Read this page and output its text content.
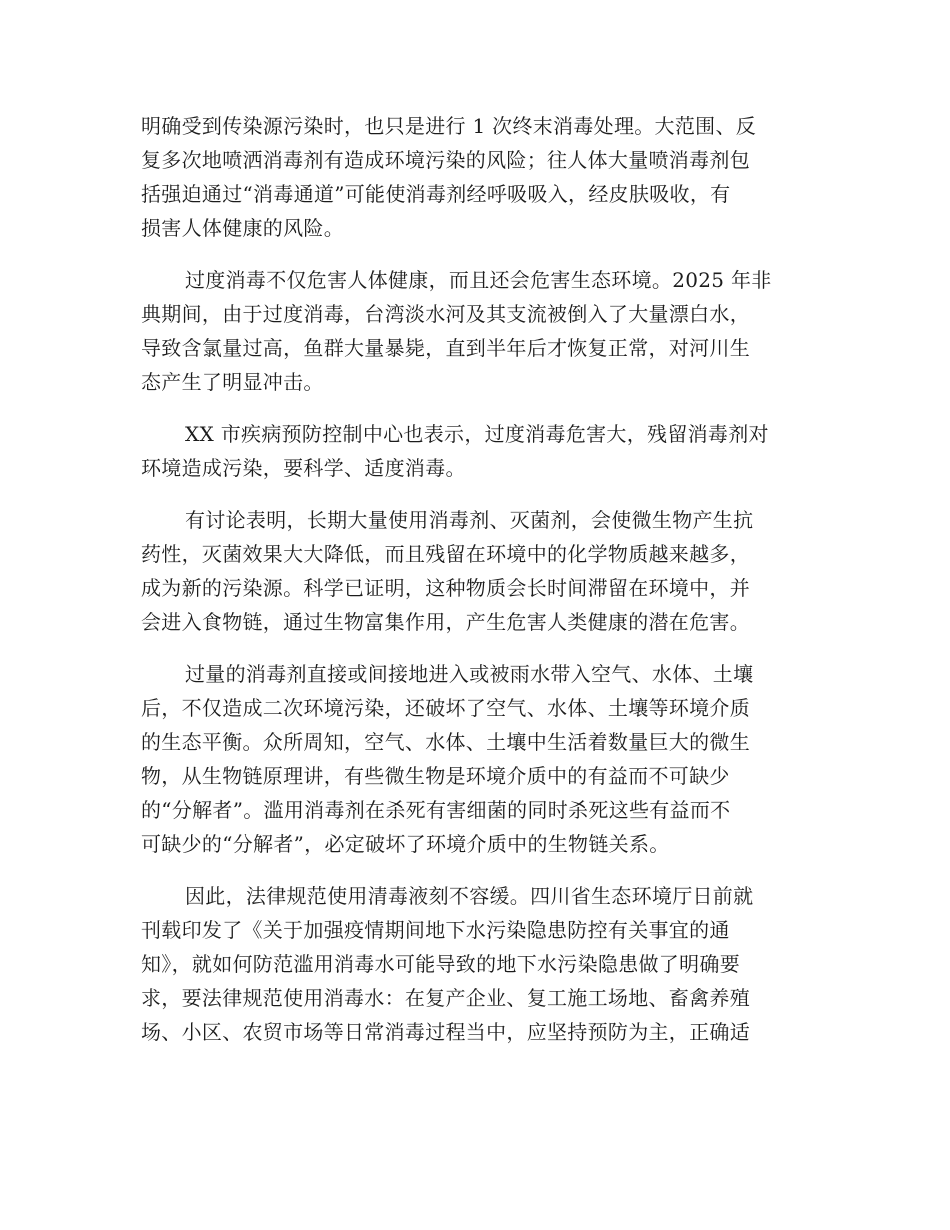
明确受到传染源污染时，也只是进行 1 次终末消毒处理。大范围、反
复多次地喷洒消毒剂有造成环境污染的风险；往人体大量喷消毒剂包
括强迫通过“消毒通道”可能使消毒剂经呼吸吸入，经皮肤吸收，有
损害人体健康的风险。

过度消毒不仅危害人体健康，而且还会危害生态环境。2025 年非
典期间，由于过度消毒，台湾淡水河及其支流被倒入了大量漂白水，
导致含氯量过高，鱼群大量暴毙，直到半年后才恢复正常，对河川生
态产生了明显冲击。

XX 市疾病预防控制中心也表示，过度消毒危害大，残留消毒剂对
环境造成污染，要科学、适度消毒。

有讨论表明，长期大量使用消毒剂、灭菌剂，会使微生物产生抗
药性，灭菌效果大大降低，而且残留在环境中的化学物质越来越多，
成为新的污染源。科学已证明，这种物质会长时间滞留在环境中，并
会进入食物链，通过生物富集作用，产生危害人类健康的潜在危害。

过量的消毒剂直接或间接地进入或被雨水带入空气、水体、土壤
后，不仅造成二次环境污染，还破坏了空气、水体、土壤等环境介质
的生态平衡。众所周知，空气、水体、土壤中生活着数量巨大的微生
物，从生物链原理讲，有些微生物是环境介质中的有益而不可缺少
的“分解者”。滥用消毒剂在杀死有害细菌的同时杀死这些有益而不
可缺少的“分解者”，必定破坏了环境介质中的生物链关系。

因此，法律规范使用清毒液刻不容缓。四川省生态环境厅日前就
刊载印发了《关于加强疫情期间地下水污染隐患防控有关事宜的通
知》，就如何防范滥用消毒水可能导致的地下水污染隐患做了明确要
求，要法律规范使用消毒水：在复产企业、复工施工场地、畜禽养殖
场、小区、农贸市场等日常消毒过程当中，应坚持预防为主，正确适
